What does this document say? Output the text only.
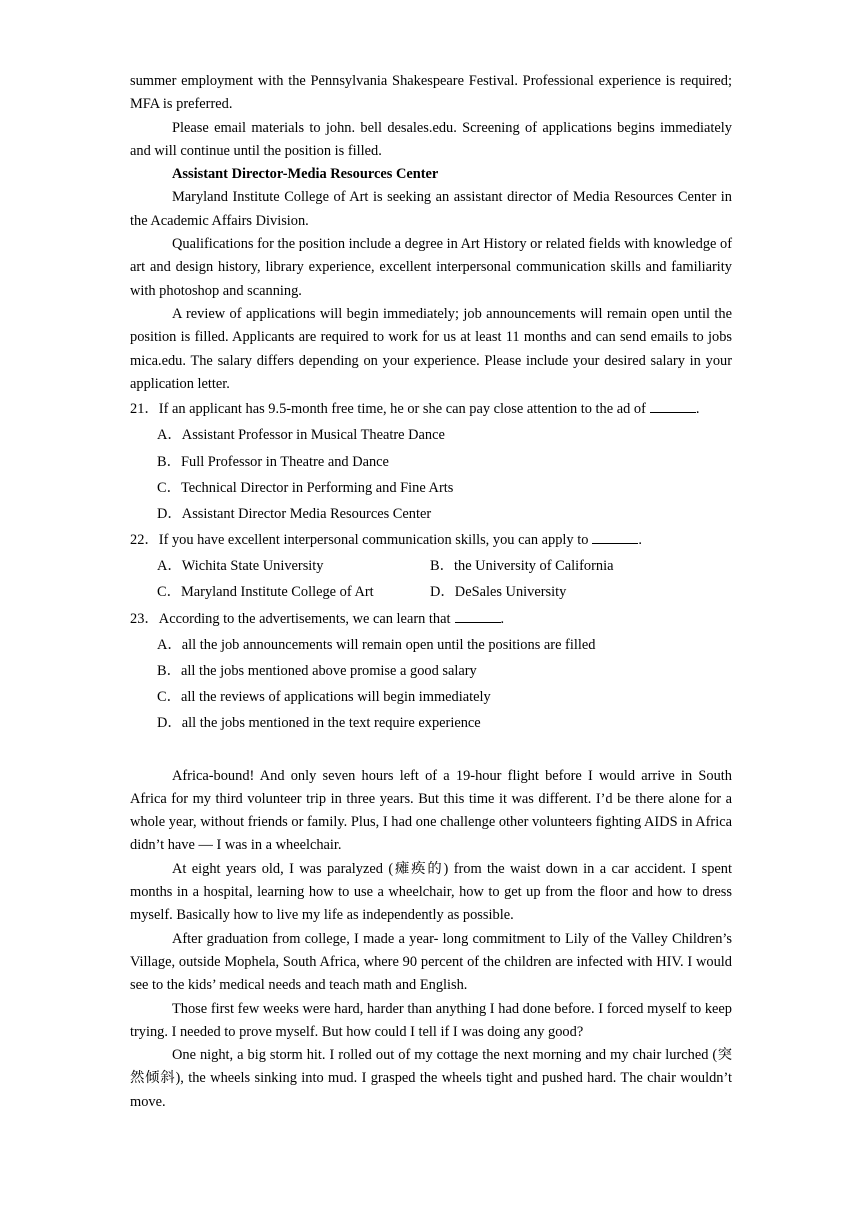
summer employment with the Pennsylvania Shakespeare Festival. Professional experience is required; MFA is preferred.

Please email materials to john. bell desales.edu. Screening of applications begins immediately and will continue until the position is filled.

Assistant Director-Media Resources Center

Maryland Institute College of Art is seeking an assistant director of Media Resources Center in the Academic Affairs Division.

Qualifications for the position include a degree in Art History or related fields with knowledge of art and design history, library experience, excellent interpersonal communication skills and familiarity with photoshop and scanning.

A review of applications will begin immediately; job announcements will remain open until the position is filled. Applicants are required to work for us at least 11 months and can send emails to jobs mica.edu. The salary differs depending on your experience. Please include your desired salary in your application letter.

21．If an applicant has 9.5-month free time, he or she can pay close attention to the ad of	.
A．Assistant Professor in Musical Theatre Dance
B．Full Professor in Theatre and Dance
C．Technical Director in Performing and Fine Arts
D．Assistant Director Media Resources Center
22．If you have excellent interpersonal communication skills, you can apply to	.
A．Wichita State University	B．the University of California
C．Maryland Institute College of Art	D．DeSales University
23．According to the advertisements, we can learn that	.
A．all the job announcements will remain open until the positions are filled
B．all the jobs mentioned above promise a good salary
C．all the reviews of applications will begin immediately
D．all the jobs mentioned in the text require experience

Africa-bound! And only seven hours left of a 19-hour flight before I would arrive in South Africa for my third volunteer trip in three years. But this time it was different. I’d be there alone for a whole year, without friends or family. Plus, I had one challenge other volunteers fighting AIDS in Africa didn’t have — I was in a wheelchair.

At eight years old, I was paralyzed (瘫痪的) from the waist down in a car accident. I spent months in a hospital, learning how to use a wheelchair, how to get up from the floor and how to dress myself. Basically how to live my life as independently as possible.

After graduation from college, I made a year- long commitment to Lily of the Valley Children’s Village, outside Mophela, South Africa, where 90 percent of the children are infected with HIV. I would see to the kids’ medical needs and teach math and English.

Those first few weeks were hard, harder than anything I had done before. I forced myself to keep trying. I needed to prove myself. But how could I tell if I was doing any good?

One night, a big storm hit. I rolled out of my cottage the next morning and my chair lurched (突然倾斜), the wheels sinking into mud. I grasped the wheels tight and pushed hard. The chair wouldn’t move.
